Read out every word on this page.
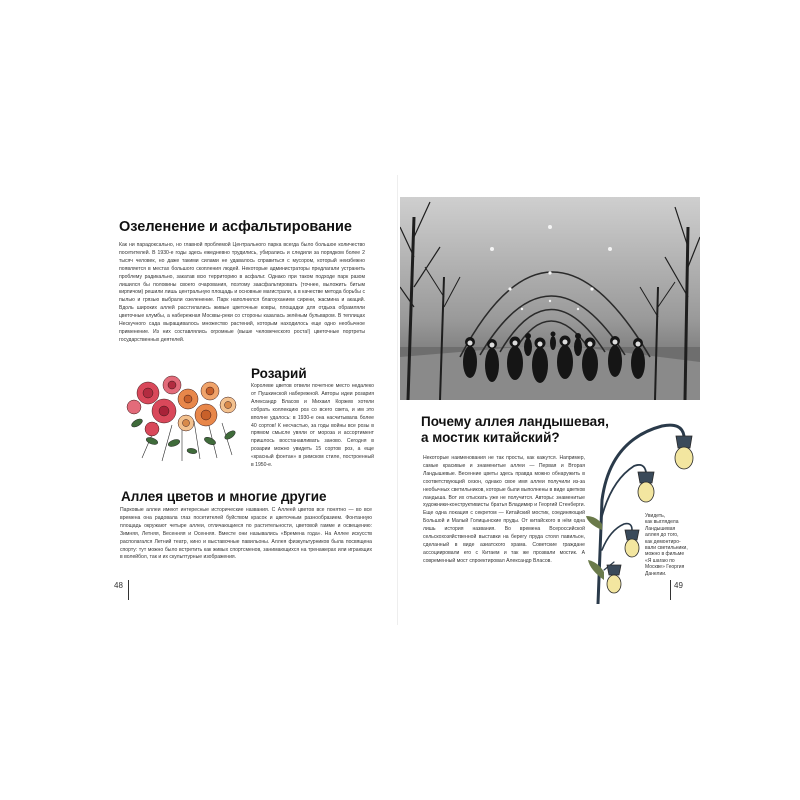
Озеленение и асфальтирование

Как ни парадоксально, но главной проблемой Центрального парка всегда было большое количество посетителей. В 1930-е годы здесь ежедневно трудились, убирались и следили за порядком более 2 тысяч человек, но даже такими силами не удавалось справиться с мусором, который неизбежно появляется в местах большого скопления людей. Некоторые администраторы предлагали устранить проблему радикально, закатав всю территорию в асфальт. Однако при таком подходе парк разом лишился бы половины своего очарования, поэтому заасфальтировать (точнее, выложить битым кирпичом) решили лишь центральную площадь и основные магистрали, а в качестве метода борьбы с пылью и грязью выбрали озеленение. Парк наполнился благоуханием сирени, жасмина и акаций. Вдоль широких аллей расстилались живые цветочные ковры, площадки для отдыха обрамляли цветочные клумбы, а набережная Москвы-реки со стороны казалась зелёным бульваром. В теплицах Нескучного сада выращивалось множество растений, которым находилось еще одно необычное применение. Из них составлялись огромные (выше человеческого роста!) цветочные портреты государственных деятелей.

Розарий

Королеве цветов отвели почетное место недалеко от Пушкинской набережной. Авторы идеи розария Александр Власов и Михаил Коржев хотели собрать коллекцию роз со всего света, и им это вполне удалось: в 1930-е она насчитывала более 40 сортов! К несчастью, за годы войны все розы в прямом смысле увяли от мороза и ассортимент пришлось восстанавливать заново. Сегодня в розарии можно увидеть 15 сортов роз, а еще «красный фонтан» в римском стиле, построенный в 1950-е.

Аллея цветов и многие другие

Парковые аллеи имеют интересные исторические названия. С Аллеей цветов все понятно — во все времена она радовала глаз посетителей буйством красок и цветочным разнообразием. Фонтанную площадь окружают четыре аллеи, отличающиеся по растительности, цветовой гамме и освещению: Зимняя, Летняя, Весенняя и Осенняя. Вместе они назывались «Времена года». На Аллее искусств располагался Летний театр, кино и выставочные павильоны. Аллея физкультурников была посвящена спорту: тут можно было встретить как живых спортсменов, занимающихся на тренажерах или играющих в волейбол, так и их скульптурные изображения.

48
Почему аллея ландышевая,
а мостик китайский?

Некоторые наименования не так просты, как кажутся. Например, самые красивые и знаменитые аллеи — Первая и Вторая Ландышевые. Весенние цветы здесь правда можно обнаружить в соответствующий сезон, однако свое имя аллеи получили из-за необычных светильников, которые были выполнены в виде цветков ландыша. Вот их отыскать уже не получится. Авторы: знаменитые художники-конструктивисты братья Владимир и Георгий Стенберги. Еще одна локация с секретом — Китайский мостик, соединяющий Большой и Малый Голицынские пруды. От китайского в нём одна лишь история названия. Во времена Всероссийской сельскохозяйственной выставки на берегу пруда стоял павильон, сделанный в виде азиатского храма. Советские граждане ассоциировали его с Китаем и так же прозвали мостик. А современный мост спроектировал Александр Власов.

Увидеть,
как выглядела
Ландышевая
аллея до того,
как демонтиро-
вали светильники,
можно в фильме
«Я шагаю по
Москве» Георгия
Данелии.
49
